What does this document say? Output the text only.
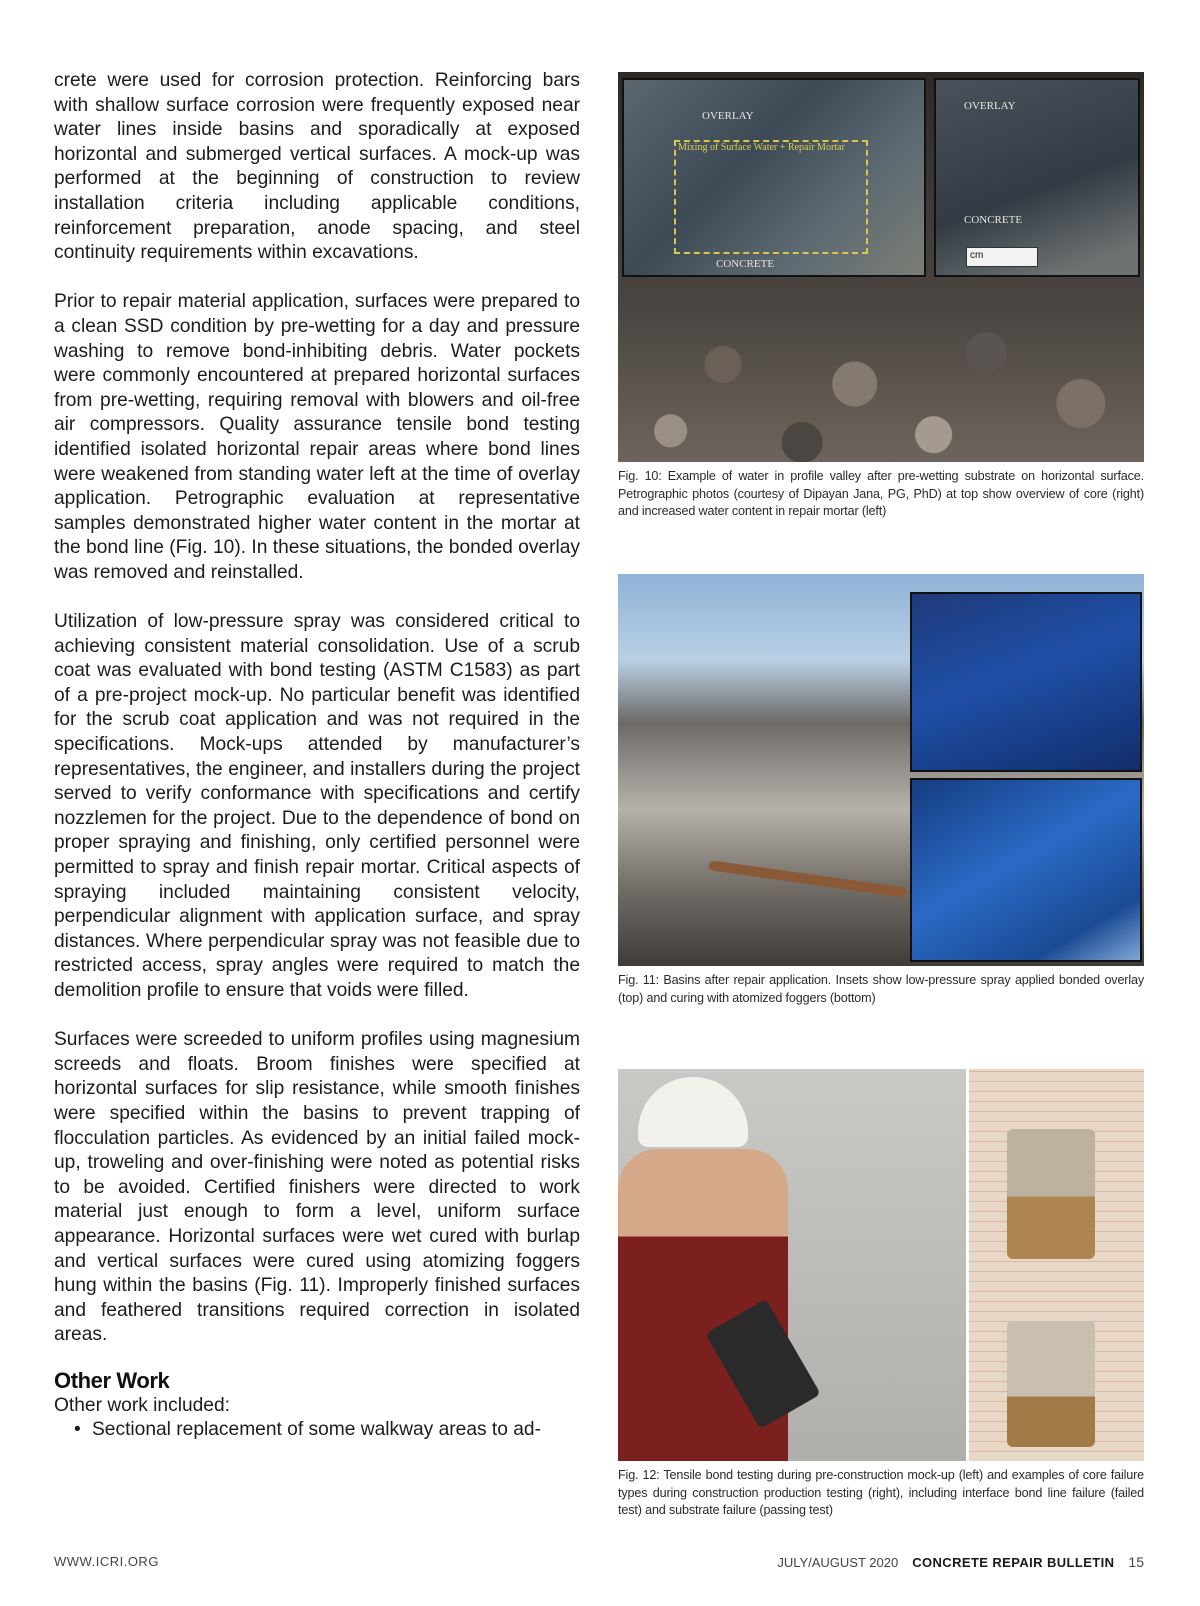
crete were used for corrosion protection. Reinforcing bars with shallow surface corrosion were frequently exposed near water lines inside basins and sporadically at exposed horizontal and submerged vertical surfaces. A mock-up was performed at the beginning of construction to review installation criteria including applicable conditions, reinforcement preparation, anode spacing, and steel continuity requirements within excavations.

Prior to repair material application, surfaces were prepared to a clean SSD condition by pre-wetting for a day and pressure washing to remove bond-inhibiting debris. Water pockets were commonly encountered at prepared horizontal surfaces from pre-wetting, requiring removal with blowers and oil-free air compressors. Quality assurance tensile bond testing identified isolated horizontal repair areas where bond lines were weakened from standing water left at the time of overlay application. Petrographic evaluation at representative samples demonstrated higher water content in the mortar at the bond line (Fig. 10). In these situations, the bonded overlay was removed and reinstalled.

Utilization of low-pressure spray was considered critical to achieving consistent material consolidation. Use of a scrub coat was evaluated with bond testing (ASTM C1583) as part of a pre-project mock-up. No particular benefit was identified for the scrub coat application and was not required in the specifications. Mock-ups attended by manufacturer’s representatives, the engineer, and installers during the project served to verify conformance with specifications and certify nozzlemen for the project. Due to the dependence of bond on proper spraying and finishing, only certified personnel were permitted to spray and finish repair mortar. Critical aspects of spraying included maintaining consistent velocity, perpendicular alignment with application surface, and spray distances. Where perpendicular spray was not feasible due to restricted access, spray angles were required to match the demolition profile to ensure that voids were filled.

Surfaces were screeded to uniform profiles using magnesium screeds and floats. Broom finishes were specified at horizontal surfaces for slip resistance, while smooth finishes were specified within the basins to prevent trapping of flocculation particles. As evidenced by an initial failed mock-up, troweling and over-finishing were noted as potential risks to be avoided. Certified finishers were directed to work material just enough to form a level, uniform surface appearance. Horizontal surfaces were wet cured with burlap and vertical surfaces were cured using atomizing foggers hung within the basins (Fig. 11). Improperly finished surfaces and feathered transitions required correction in isolated areas.

Other Work
Other work included:
• Sectional replacement of some walkway areas to ad-
OVERLAY
Mixing of Surface Water + Repair Mortar
CONCRETE
OVERLAY
CONCRETE
cm
Fig. 10: Example of water in profile valley after pre-wetting substrate on horizontal surface. Petrographic photos (courtesy of Dipayan Jana, PG, PhD) at top show overview of core (right) and increased water content in repair mortar (left)
Fig. 11: Basins after repair application. Insets show low-pressure spray applied bonded overlay (top) and curing with atomized foggers (bottom)
Fig. 12: Tensile bond testing during pre-construction mock-up (left) and examples of core failure types during construction production testing (right), including interface bond line failure (failed test) and substrate failure (passing test)
WWW.ICRI.ORG	JULY/AUGUST 2020 CONCRETE REPAIR BULLETIN 15
